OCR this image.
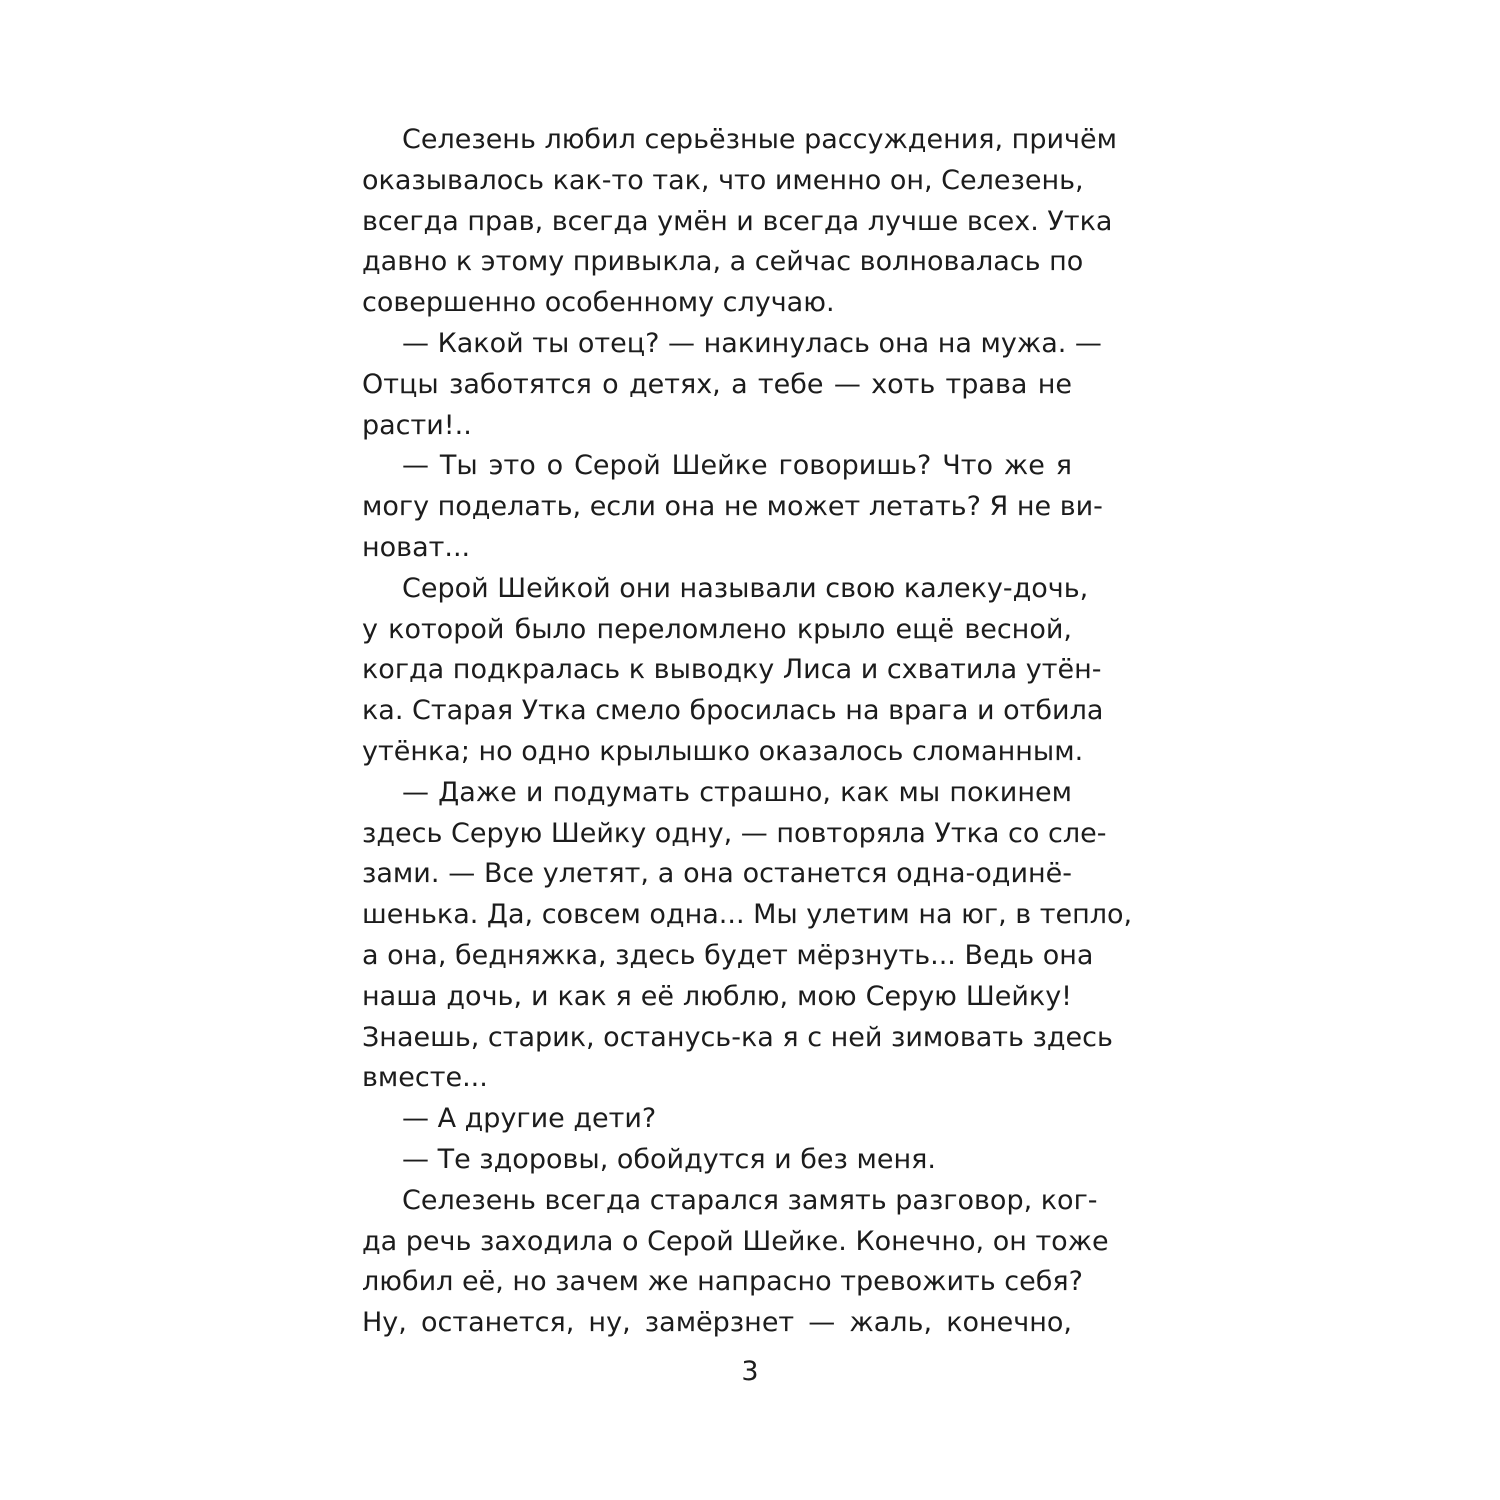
Селезень любил серьёзные рассуждения, причём
оказывалось как-то так, что именно он, Селезень,
всегда прав, всегда умён и всегда лучше всех. Утка
давно к этому привыкла, а сейчас волновалась по
совершенно особенному случаю.
— Какой ты отец? — накинулась она на мужа. —
Отцы заботятся о детях, а тебе — хоть трава не
расти!..
— Ты это о Серой Шейке говоришь? Что же я
могу поделать, если она не может летать? Я не ви-
новат...
Серой Шейкой они называли свою калеку-дочь,
у которой было переломлено крыло ещё весной,
когда подкралась к выводку Лиса и схватила утён-
ка. Старая Утка смело бросилась на врага и отбила
утёнка; но одно крылышко оказалось сломанным.
— Даже и подумать страшно, как мы покинем
здесь Серую Шейку одну, — повторяла Утка со сле-
зами. — Все улетят, а она останется одна-одинё-
шенька. Да, совсем одна... Мы улетим на юг, в тепло,
а она, бедняжка, здесь будет мёрзнуть... Ведь она
наша дочь, и как я её люблю, мою Серую Шейку!
Знаешь, старик, останусь-ка я с ней зимовать здесь
вместе...
— А другие дети?
— Те здоровы, обойдутся и без меня.
Селезень всегда старался замять разговор, ког-
да речь заходила о Серой Шейке. Конечно, он тоже
любил её, но зачем же напрасно тревожить себя?
Ну, останется, ну, замёрзнет — жаль, конечно,
3
